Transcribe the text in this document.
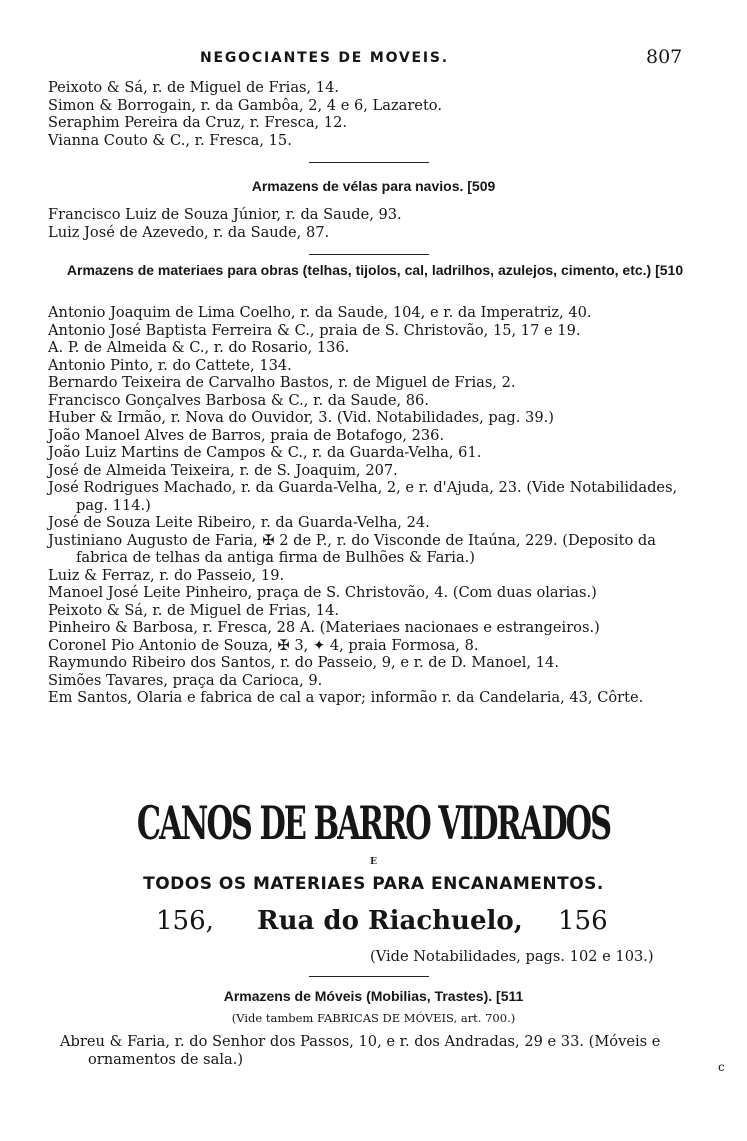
NEGOCIANTES DE MOVEIS.	807
Peixoto & Sá, r. de Miguel de Frias, 14.
Simon & Borrogain, r. da Gambôa, 2, 4 e 6, Lazareto.
Seraphim Pereira da Cruz, r. Fresca, 12.
Vianna Couto & C., r. Fresca, 15.
Armazens de vélas para navios. [509
Francisco Luiz de Souza Júnior, r. da Saude, 93.
Luiz José de Azevedo, r. da Saude, 87.
Armazens de materiaes para obras (telhas, tijolos, cal, ladrilhos, azulejos, cimento, etc.) [510
Antonio Joaquim de Lima Coelho, r. da Saude, 104, e r. da Imperatriz, 40.
Antonio José Baptista Ferreira & C., praia de S. Christovão, 15, 17 e 19.
A. P. de Almeida & C., r. do Rosario, 136.
Antonio Pinto, r. do Cattete, 134.
Bernardo Teixeira de Carvalho Bastos, r. de Miguel de Frias, 2.
Francisco Gonçalves Barbosa & C., r. da Saude, 86.
Huber & Irmão, r. Nova do Ouvidor, 3. (Vid. Notabilidades, pag. 39.)
João Manoel Alves de Barros, praia de Botafogo, 236.
João Luiz Martins de Campos & C., r. da Guarda-Velha, 61.
José de Almeida Teixeira, r. de S. Joaquim, 207.
José Rodrigues Machado, r. da Guarda-Velha, 2, e r. d'Ajuda, 23. (Vide Notabilidades, pag. 114.)
José de Souza Leite Ribeiro, r. da Guarda-Velha, 24.
Justiniano Augusto de Faria, ✠ 2 de P., r. do Visconde de Itaúna, 229. (Deposito da fabrica de telhas da antiga firma de Bulhões & Faria.)
Luiz & Ferraz, r. do Passeio, 19.
Manoel José Leite Pinheiro, praça de S. Christovão, 4. (Com duas olarias.)
Peixoto & Sá, r. de Miguel de Frias, 14.
Pinheiro & Barbosa, r. Fresca, 28 A. (Materiaes nacionaes e estrangeiros.)
Coronel Pio Antonio de Souza, ✠ 3, ✦ 4, praia Formosa, 8.
Raymundo Ribeiro dos Santos, r. do Passeio, 9, e r. de D. Manoel, 14.
Simões Tavares, praça da Carioca, 9.
Em Santos, Olaria e fabrica de cal a vapor; informão r. da Candelaria, 43, Côrte.
CANOS DE BARRO VIDRADOS
E
TODOS OS MATERIAES PARA ENCANAMENTOS.
156, Rua do Riachuelo, 156
(Vide Notabilidades, pags. 102 e 103.)
Armazens de Móveis (Mobilias, Trastes). [511
(Vide tambem FABRICAS DE MÓVEIS, art. 700.)
Abreu & Faria, r. do Senhor dos Passos, 10, e r. dos Andradas, 29 e 33. (Móveis e ornamentos de sala.)	ⅽ
